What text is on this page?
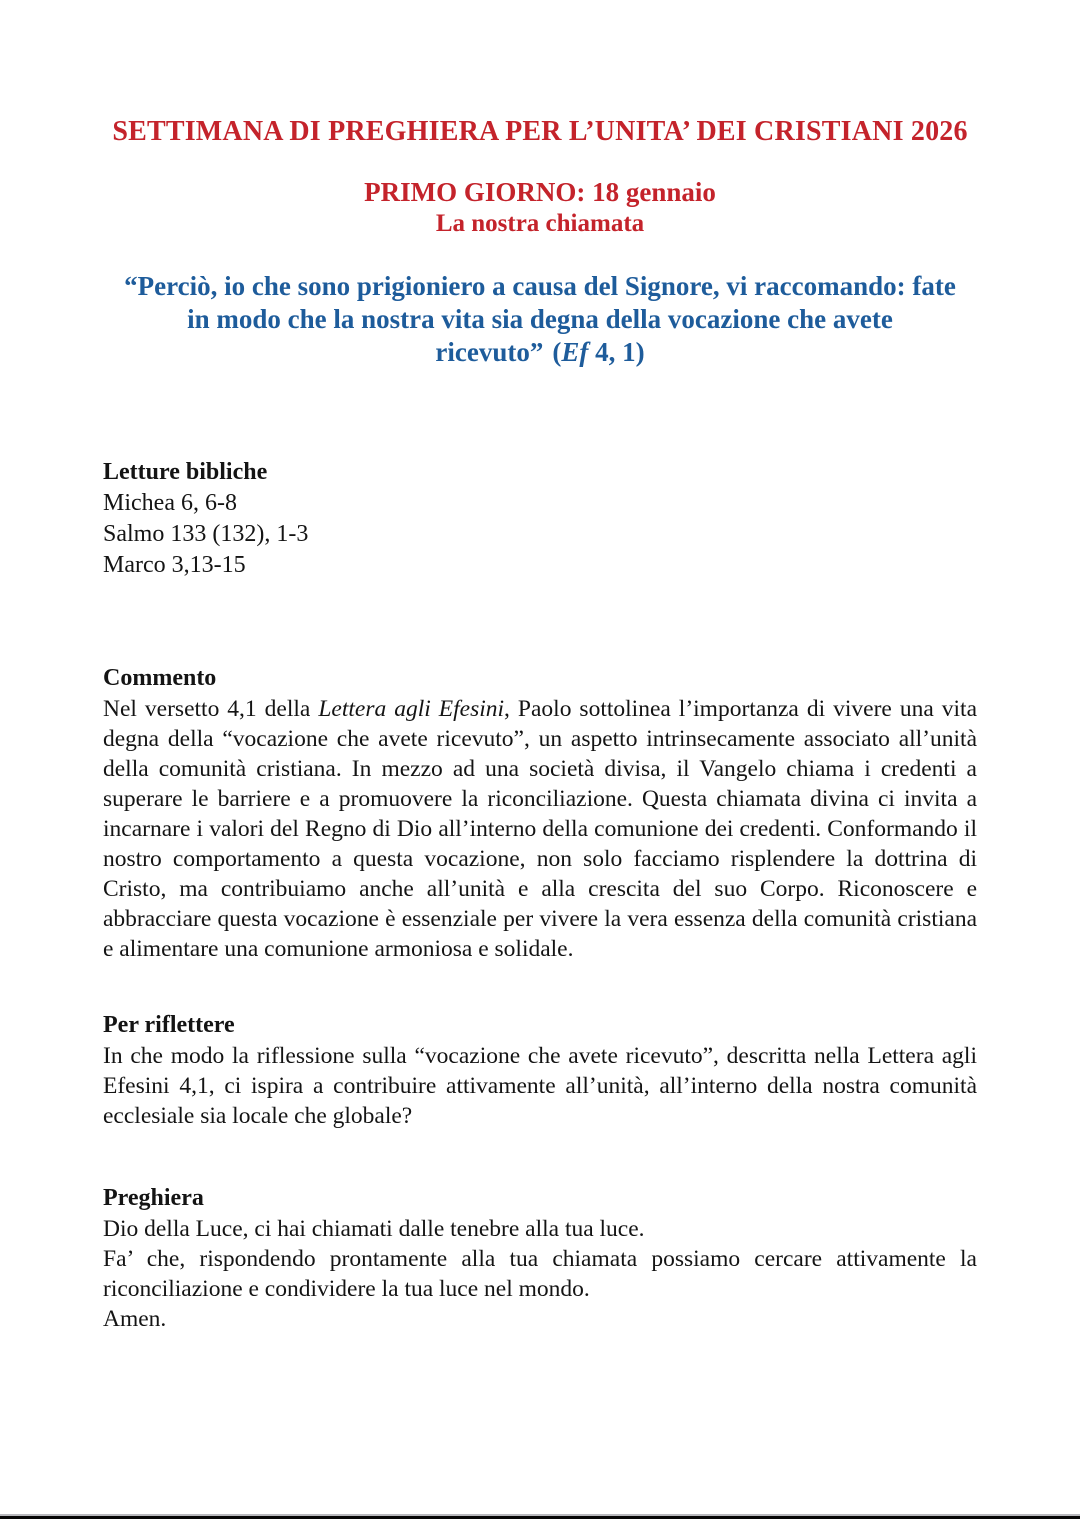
SETTIMANA DI PREGHIERA PER L’UNITA’ DEI CRISTIANI 2026
PRIMO GIORNO: 18 gennaio
La nostra chiamata
“Perciò, io che sono prigioniero a causa del Signore, vi raccomando: fate in modo che la nostra vita sia degna della vocazione che avete ricevuto” (Ef 4, 1)
Letture bibliche
Michea 6, 6-8
Salmo 133 (132), 1-3
Marco 3,13-15
Commento

Nel versetto 4,1 della Lettera agli Efesini, Paolo sottolinea l’importanza di vivere una vita degna della “vocazione che avete ricevuto”, un aspetto intrinsecamente associato all’unità della comunità cristiana. In mezzo ad una società divisa, il Vangelo chiama i credenti a superare le barriere e a promuovere la riconciliazione. Questa chiamata divina ci invita a incarnare i valori del Regno di Dio all’interno della comunione dei credenti. Conformando il nostro comportamento a questa vocazione, non solo facciamo risplendere la dottrina di Cristo, ma contribuiamo anche all’unità e alla crescita del suo Corpo. Riconoscere e abbracciare questa vocazione è essenziale per vivere la vera essenza della comunità cristiana e alimentare una comunione armoniosa e solidale.

Per riflettere

In che modo la riflessione sulla “vocazione che avete ricevuto”, descritta nella Lettera agli Efesini 4,1, ci ispira a contribuire attivamente all’unità, all’interno della nostra comunità ecclesiale sia locale che globale?

Preghiera

Dio della Luce, ci hai chiamati dalle tenebre alla tua luce.

Fa’ che, rispondendo prontamente alla tua chiamata possiamo cercare attivamente la riconciliazione e condividere la tua luce nel mondo.

Amen.
